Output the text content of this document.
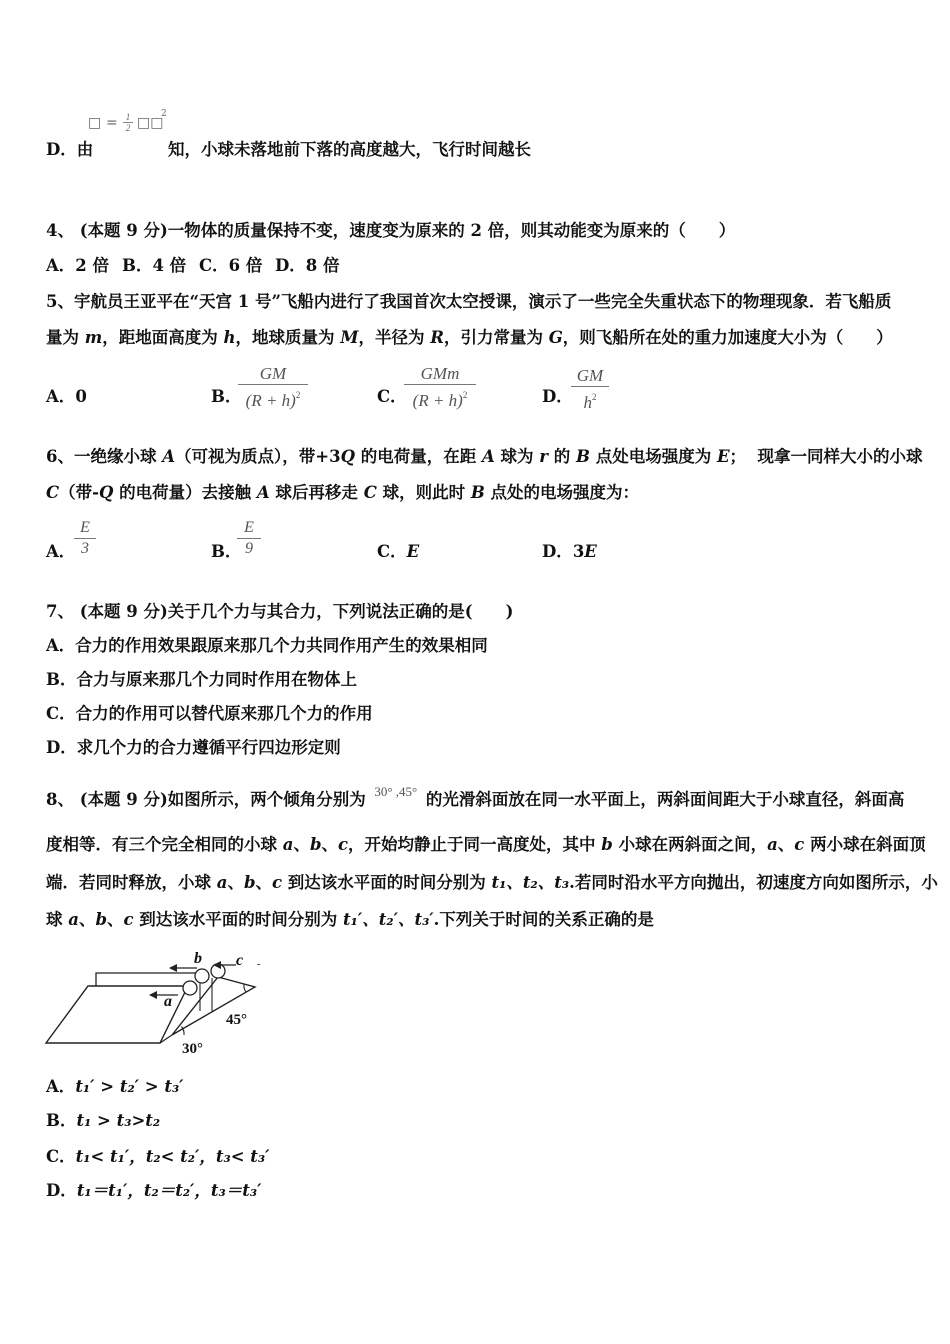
□ = $\frac{1}{2}$ □□
2
D．由	知，小球未落地前下落的高度越大，飞行时间越长
4、 (本题 9 分)一物体的质量保持不变，速度变为原来的 2 倍，则其动能变为原来的（　　）
A．2 倍 B．4 倍 C．6 倍 D．8 倍
5、宇航员王亚平在“天宫 1 号”飞船内进行了我国首次太空授课，演示了一些完全失重状态下的物理现象．若飞船质
量为 m，距地面高度为 h，地球质量为 M，半径为 R，引力常量为 G，则飞船所在处的重力加速度大小为（　　）
A．0	B．
$\frac{GM}{(R + h)^2}$	C．
GMm
$(R + h)^2$	D．
$\frac{GM}{h^2}$
6、一绝缘小球 A（可视为质点），带+3Q 的电荷量，在距 A 球为 r 的 B 点处电场强度为 E；  现拿一同样大小的小球
C（带-Q 的电荷量）去接触 A 球后再移走 C 球，则此时 B 点处的电场强度为：
A．
$\frac{E}{3}$	B．
$\frac{E}{9}$	C．E	D．3E
7、 (本题 9 分)关于几个力与其合力，下列说法正确的是(　　)
A．合力的作用效果跟原来那几个力共同作用产生的效果相同
B．合力与原来那几个力同时作用在物体上
C．合力的作用可以替代原来那几个力的作用
D．求几个力的合力遵循平行四边形定则
8、 (本题 9 分)如图所示，两个倾角分别为 30° ,45° 的光滑斜面放在同一水平面上，两斜面间距大于小球直径，斜面高
度相等．有三个完全相同的小球 a、b、c，开始均静止于同一高度处，其中 b 小球在两斜面之间，a、c 两小球在斜面顶
端．若同时释放，小球 a、b、c 到达该水平面的时间分别为 t₁、t₂、t₃.若同时沿水平方向抛出，初速度方向如图所示，小
球 a、b、c 到达该水平面的时间分别为 t₁′、t₂′、t₃′.下列关于时间的关系正确的是
b c
a
45°
30°
-
A．t₁′ > t₂′ > t₃′
B．t₁ > t₃>t₂
C．t₁< t₁′，t₂< t₂′，t₃< t₃′
D．t₁＝t₁′，t₂＝t₂′，t₃＝t₃′
